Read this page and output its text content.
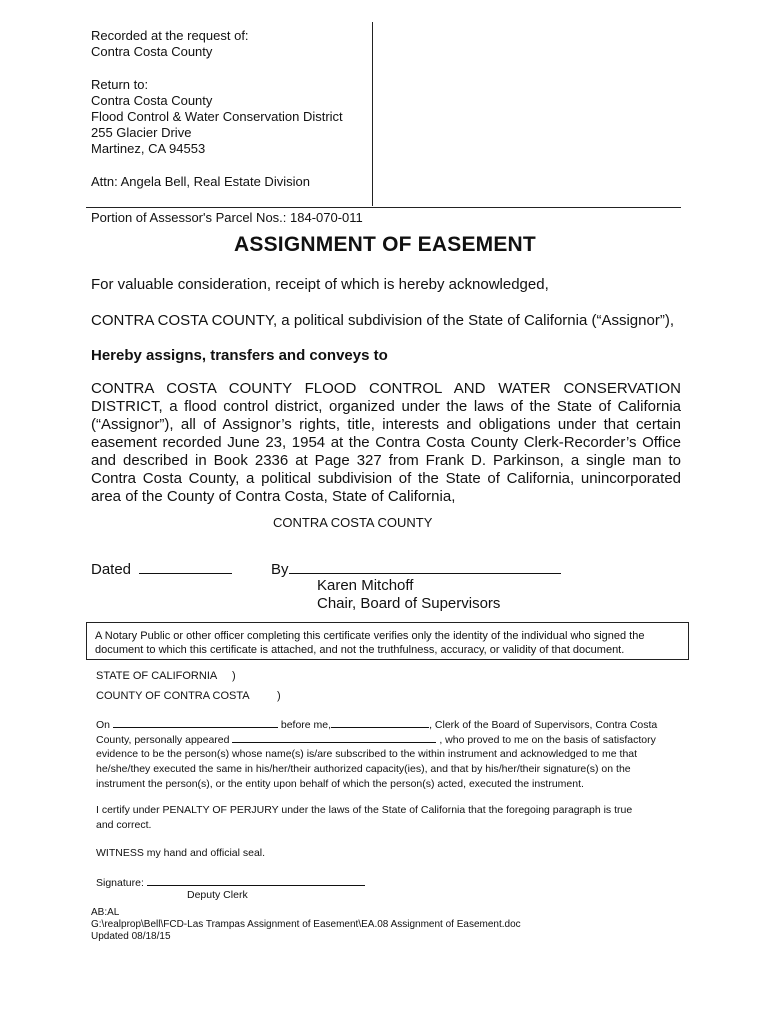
Recorded at the request of:
Contra Costa County
Return to:
Contra Costa County
Flood Control & Water Conservation District
255 Glacier Drive
Martinez, CA 94553
Attn: Angela Bell, Real Estate Division
Portion of Assessor's Parcel Nos.: 184-070-011
ASSIGNMENT OF EASEMENT
For valuable consideration, receipt of which is hereby acknowledged,
CONTRA COSTA COUNTY, a political subdivision of the State of California (“Assignor”),
Hereby assigns, transfers and conveys to
CONTRA COSTA COUNTY FLOOD CONTROL AND WATER CONSERVATION DISTRICT, a flood control district, organized under the laws of the State of California (“Assignor”), all of Assignor’s rights, title, interests and obligations under that certain easement recorded June 23, 1954 at the Contra Costa County Clerk-Recorder’s Office and described in Book 2336 at Page 327 from Frank D. Parkinson, a single man to Contra Costa County, a political subdivision of the State of California, unincorporated area of the County of Contra Costa, State of California,
CONTRA COSTA COUNTY
Dated	By
Karen Mitchoff
Chair, Board of Supervisors
A Notary Public or other officer completing this certificate verifies only the identity of the individual who signed the document to which this certificate is attached, and not the truthfulness, accuracy, or validity of that document.
STATE OF CALIFORNIA )
COUNTY OF CONTRA COSTA )
On	before me,	, Clerk of the Board of Supervisors, Contra Costa
County, personally appeared	, who proved to me on the basis of satisfactory
evidence to be the person(s) whose name(s) is/are subscribed to the within instrument and acknowledged to me that
he/she/they executed the same in his/her/their authorized capacity(ies), and that by his/her/their signature(s) on the
instrument the person(s), or the entity upon behalf of which the person(s) acted, executed the instrument.
I certify under PENALTY OF PERJURY under the laws of the State of California that the foregoing paragraph is true
and correct.
WITNESS my hand and official seal.
Signature:
Deputy Clerk
AB:AL
G:\realprop\Bell\FCD-Las Trampas Assignment of Easement\EA.08 Assignment of Easement.doc
Updated 08/18/15
